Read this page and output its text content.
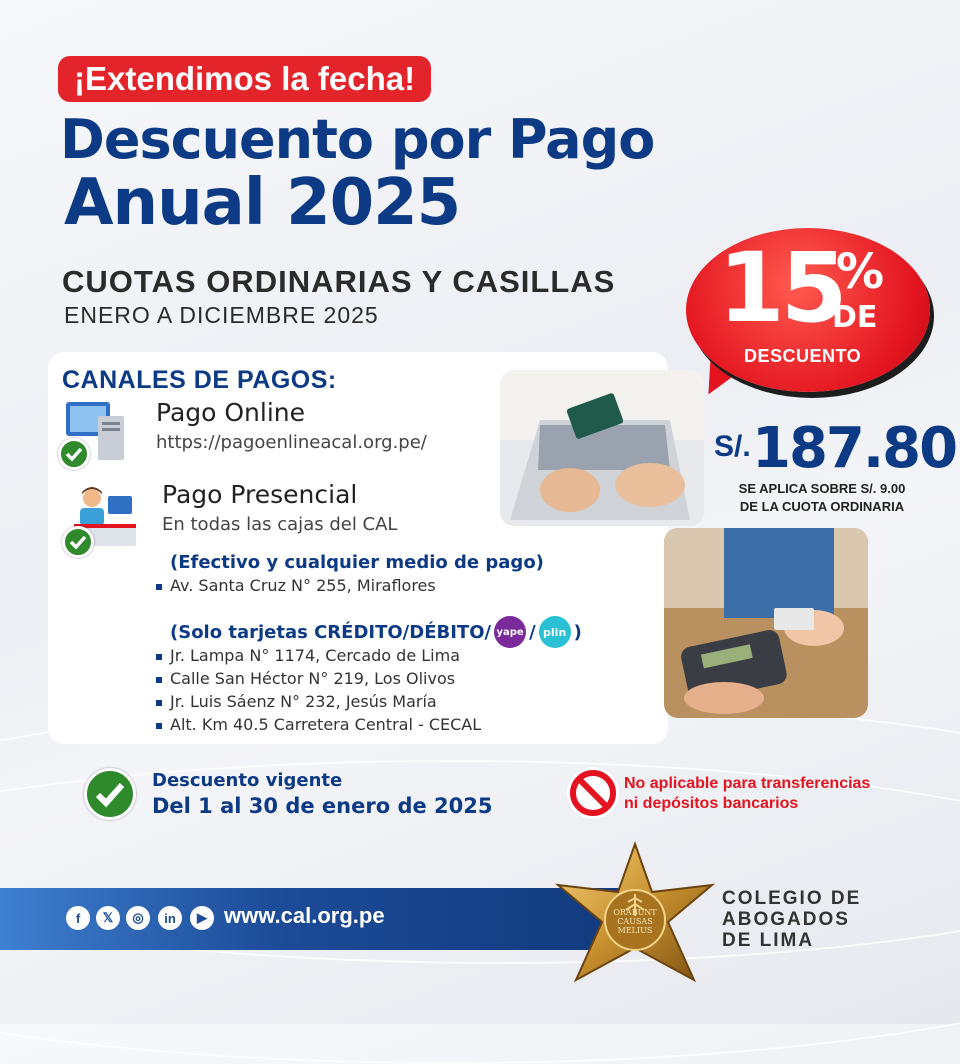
¡Extendimos la fecha!
Descuento por Pago
Anual 2025
CUOTAS ORDINARIAS Y CASILLAS
ENERO A DICIEMBRE 2025
CANALES DE PAGOS:
Pago Online
https://pagoenlineacal.org.pe/
Pago Presencial
En todas las cajas del CAL
(Efectivo y cualquier medio de pago)
Av. Santa Cruz N° 255, Miraflores
(Solo tarjetas CRÉDITO/DÉBITO/ yape / plin )
Jr. Lampa N° 1174, Cercado de Lima
Calle San Héctor N° 219, Los Olivos
Jr. Luis Sáenz N° 232, Jesús María
Alt. Km 40.5 Carretera Central - CECAL
15
%
DE
DESCUENTO
S/. 187.80
SE APLICA SOBRE S/. 9.00
DE LA CUOTA ORDINARIA
Descuento vigente
Del 1 al 30 de enero de 2025
No aplicable para transferencias
ni depósitos bancarios
f 𝕏 ◎ in ▶ www.cal.org.pe	ORABUNT CAUSAS MELIUS
COLEGIO DE
ABOGADOS
DE LIMA
